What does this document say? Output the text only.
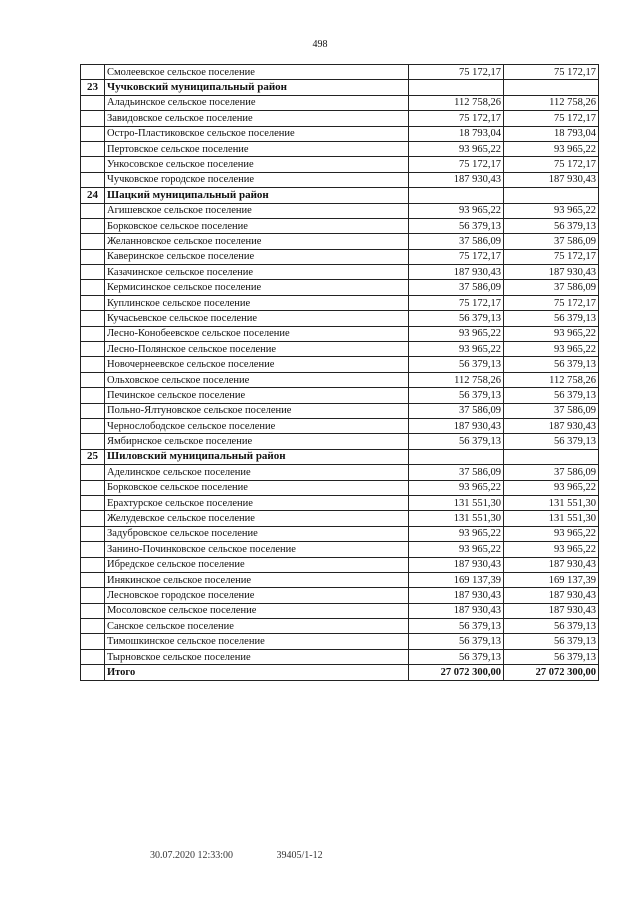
498
	Смолеевское сельское поселение	75 172,17	75 172,17
23	Чучковский муниципальный район		
	Аладьинское сельское поселение	112 758,26	112 758,26
	Завидовское сельское поселение	75 172,17	75 172,17
	Остро-Пластиковское сельское поселение	18 793,04	18 793,04
	Пертовское сельское поселение	93 965,22	93 965,22
	Ункосовское сельское поселение	75 172,17	75 172,17
	Чучковское городское поселение	187 930,43	187 930,43
24	Шацкий муниципальный район		
	Агишевское сельское поселение	93 965,22	93 965,22
	Борковское сельское поселение	56 379,13	56 379,13
	Желанновское сельское поселение	37 586,09	37 586,09
	Каверинское сельское поселение	75 172,17	75 172,17
	Казачинское сельское поселение	187 930,43	187 930,43
	Кермисинское сельское поселение	37 586,09	37 586,09
	Куплинское сельское поселение	75 172,17	75 172,17
	Кучасьевское сельское поселение	56 379,13	56 379,13
	Лесно-Конобеевское сельское поселение	93 965,22	93 965,22
	Лесно-Полянское сельское поселение	93 965,22	93 965,22
	Новочернеевское сельское поселение	56 379,13	56 379,13
	Ольховское сельское поселение	112 758,26	112 758,26
	Печинское сельское поселение	56 379,13	56 379,13
	Польно-Ялтуновское сельское поселение	37 586,09	37 586,09
	Чернослободское сельское поселение	187 930,43	187 930,43
	Ямбирнское сельское поселение	56 379,13	56 379,13
25	Шиловский муниципальный район		
	Аделинское сельское поселение	37 586,09	37 586,09
	Борковское сельское поселение	93 965,22	93 965,22
	Ерахтурское сельское поселение	131 551,30	131 551,30
	Желудевское сельское поселение	131 551,30	131 551,30
	Задубровское сельское поселение	93 965,22	93 965,22
	Занино-Починковское сельское поселение	93 965,22	93 965,22
	Ибредское сельское поселение	187 930,43	187 930,43
	Инякинское сельское поселение	169 137,39	169 137,39
	Лесновское городское поселение	187 930,43	187 930,43
	Мосоловское сельское поселение	187 930,43	187 930,43
	Санское сельское поселение	56 379,13	56 379,13
	Тимошкинское сельское поселение	56 379,13	56 379,13
	Тырновское сельское поселение	56 379,13	56 379,13
	Итого	27 072 300,00	27 072 300,00
30.07.2020 12:33:00	39405/1-12
